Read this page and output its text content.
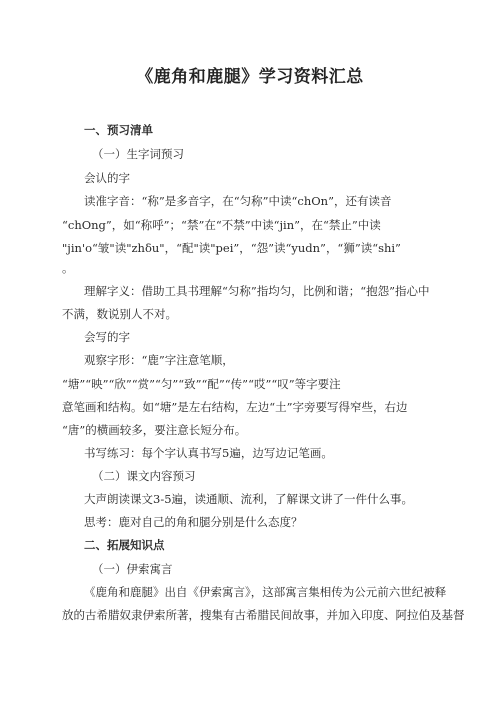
《鹿角和鹿腿》学习资料汇总
一、预习清单
（一）生字词预习
会认的字
读准字音：“称”是多音字，在“匀称”中读“chOn”，还有读音
“chOng”，如“称呼”；“禁”在“不禁”中读“jin”，在“禁止”中读
"jin'o“皱"读"zhδu"，“配"读"pei”，“怨”读“yudn”，“狮”读“shi”
。
理解字义：借助工具书理解“匀称”指均匀，比例和谐；“抱怨”指心中
不满，数说别人不对。
会写的字
观察字形：“鹿”字注意笔顺，
“塘”“映”“欣”“赏”“匀”“致”“配”“传”“哎”“叹”等字要注
意笔画和结构。如“塘”是左右结构，左边“土”字旁要写得窄些，右边
“唐”的横画较多，要注意长短分布。
书写练习：每个字认真书写5遍，边写边记笔画。
（二）课文内容预习
大声朗读课文3-5遍，读通顺、流利，了解课文讲了一件什么事。
思考：鹿对自己的角和腿分别是什么态度？
二、拓展知识点
（一）伊索寓言
《鹿角和鹿腿》出自《伊索寓言》，这部寓言集相传为公元前六世纪被释
放的古希腊奴隶伊索所著，搜集有古希腊民间故事，并加入印度、阿拉伯及基督
